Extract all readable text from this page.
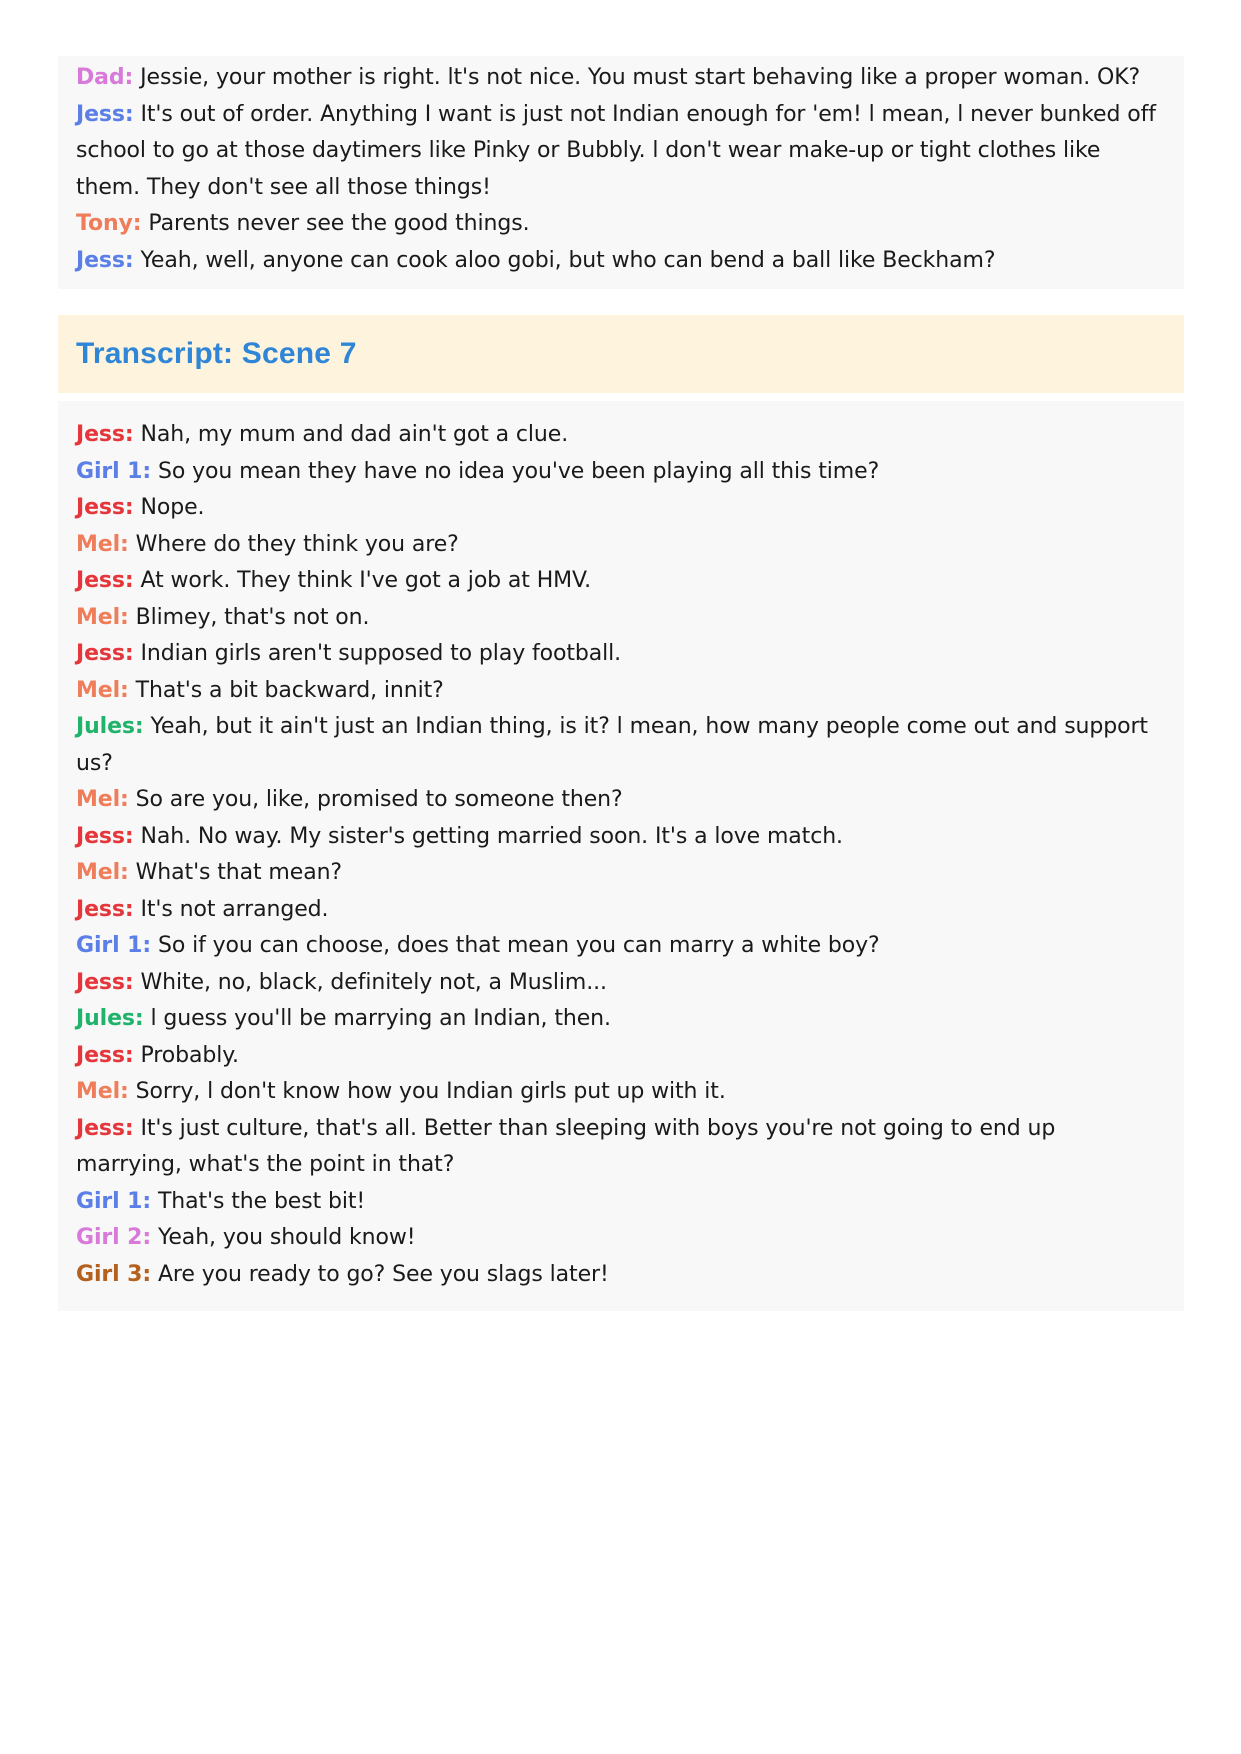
Dad: Jessie, your mother is right. lt's not nice. You must start behaving like a proper woman. OK?

Jess: It's out of order. Anything I want is just not Indian enough for 'em! l mean, l never bunked off school to go at those daytimers like Pinky or Bubbly. l don't wear make-up or tight clothes like them. They don't see all those things!

Tony: Parents never see the good things.

Jess: Yeah, well, anyone can cook aloo gobi, but who can bend a ball like Beckham?

Transcript: Scene 7

Jess: Nah, my mum and dad ain't got a clue.

Girl 1: So you mean they have no idea you've been playing all this time?

Jess: Nope.

Mel: Where do they think you are?

Jess: At work. They think I've got a job at HMV.

Mel: Blimey, that's not on.

Jess: Indian girls aren't supposed to play football.

Mel: That's a bit backward, innit?

Jules: Yeah, but it ain't just an Indian thing, is it? l mean, how many people come out and support us?

Mel: So are you, like, promised to someone then?

Jess: Nah. No way. My sister's getting married soon. It's a love match.

Mel: What's that mean?

Jess: It's not arranged.

Girl 1: So if you can choose, does that mean you can marry a white boy?

Jess: White, no, black, definitely not, a Muslim...

Jules: l guess you'll be marrying an Indian, then.

Jess: Probably.

Mel: Sorry, l don't know how you Indian girls put up with it.

Jess: It's just culture, that's all. Better than sleeping with boys you're not going to end up marrying, what's the point in that?

Girl 1: That's the best bit!

Girl 2: Yeah, you should know!

Girl 3: Are you ready to go? See you slags later!
